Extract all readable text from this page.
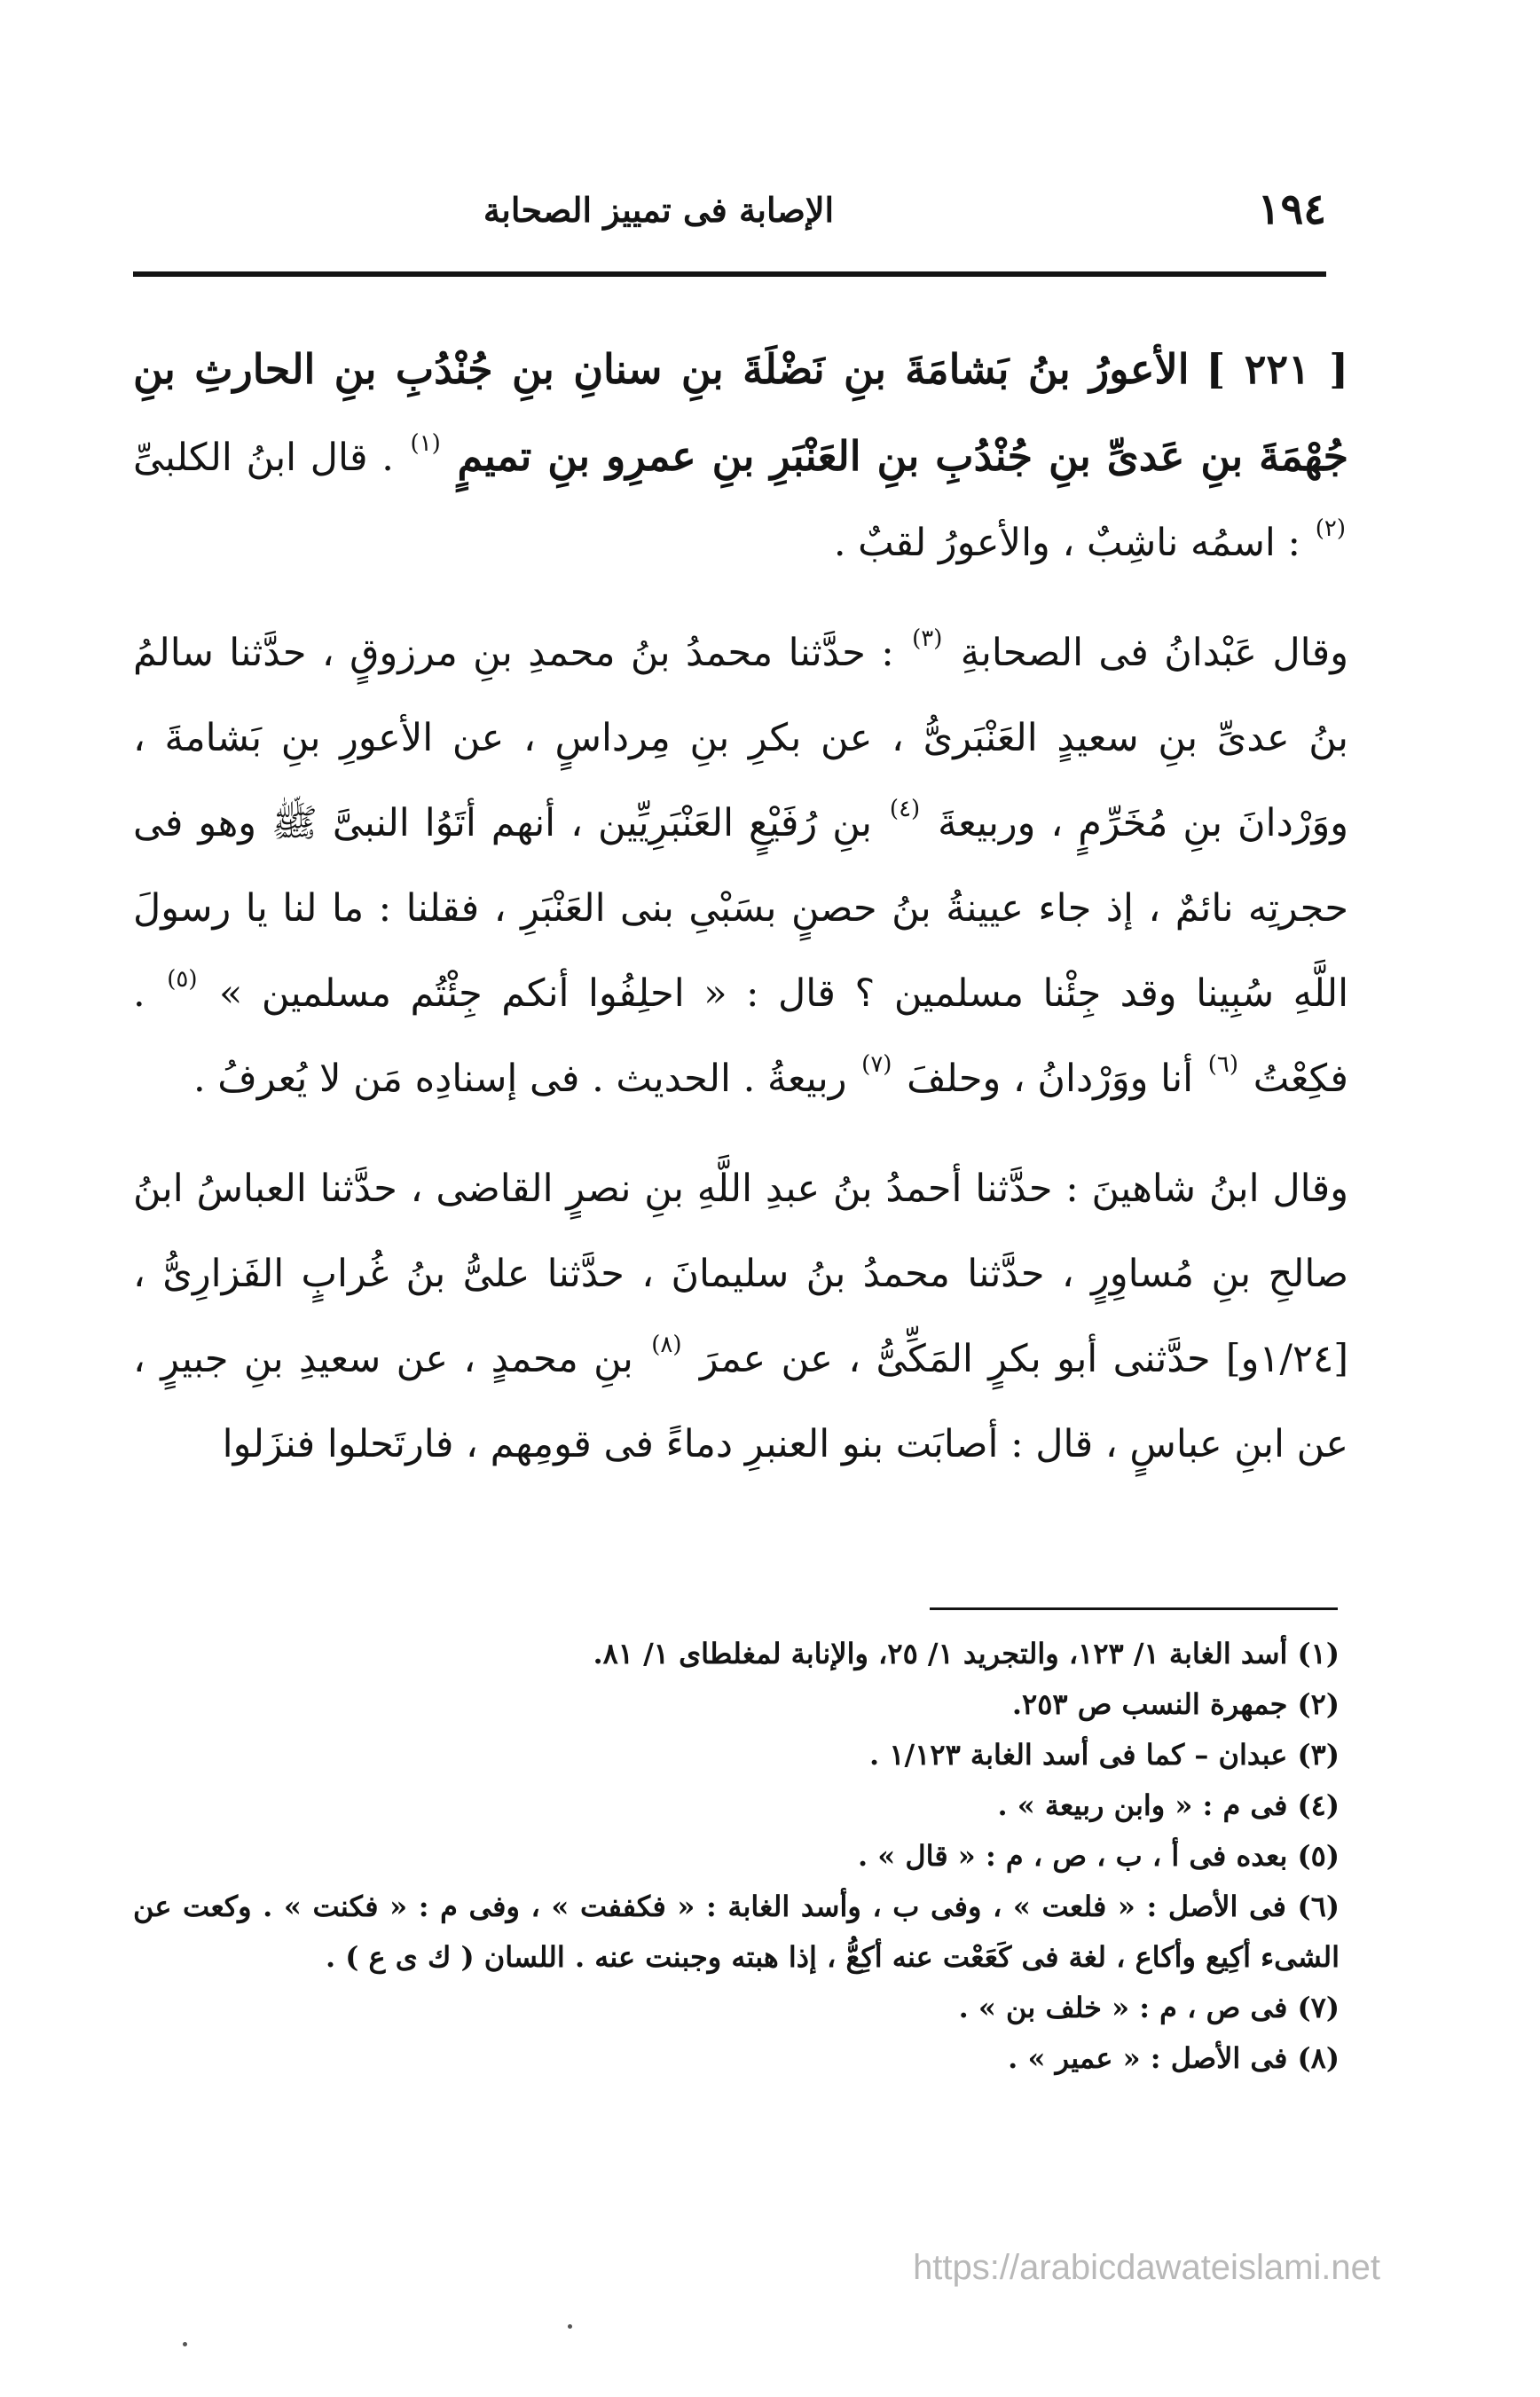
١٩٤
الإصابة فى تمييز الصحابة

[ ٢٢١ ] الأعورُ بنُ بَشامَةَ بنِ نَضْلَةَ بنِ سنانِ بنِ جُنْدُبِ بنِ الحارثِ بنِ جُهْمَةَ بنِ عَدىِّ بنِ جُنْدُبِ بنِ العَنْبَرِ بنِ عمرِو بنِ تميمٍ $^{(١)}$ . قال ابنُ الكلبىِّ $^{(٢)}$ : اسمُه ناشِبٌ ، والأعورُ لقبٌ .

وقال عَبْدانُ فى الصحابةِ $^{(٣)}$ : حدَّثنا محمدُ بنُ محمدِ بنِ مرزوقٍ ، حدَّثنا سالمُ بنُ عدىِّ بنِ سعيدٍ العَنْبَرىُّ ، عن بكرِ بنِ مِرداسٍ ، عن الأعورِ بنِ بَشامةَ ، ووَرْدانَ بنِ مُخَرِّمٍ ، وربيعةَ $^{(٤)}$ بنِ رُفَيْعٍ العَنْبَرِيِّين ، أنهم أتَوُا النبىَّ ﷺ وهو فى حجرتِه نائمٌ ، إذ جاء عيينةُ بنُ حصنٍ بسَبْىِ بنى العَنْبَرِ ، فقلنا : ما لنا يا رسولَ اللَّهِ سُبِينا وقد جِئْنا مسلمين ؟ قال : « احلِفُوا أنكم جِئْتُم مسلمين » $^{(٥)}$ . فكِعْتُ $^{(٦)}$ أنا ووَرْدانُ ، وحلفَ $^{(٧)}$ ربيعةُ . الحديث . فى إسنادِه مَن لا يُعرفُ .

وقال ابنُ شاهينَ : حدَّثنا أحمدُ بنُ عبدِ اللَّهِ بنِ نصرٍ القاضى ، حدَّثنا العباسُ ابنُ صالحِ بنِ مُساوِرٍ ، حدَّثنا محمدُ بنُ سليمانَ ، حدَّثنا علىُّ بنُ غُرابٍ الفَزارِىُّ ، [١/٢٤و] حدَّثنى أبو بكرٍ المَكِّىُّ ، عن عمرَ $^{(٨)}$ بنِ محمدٍ ، عن سعيدِ بنِ جبيرٍ ، عن ابنِ عباسٍ ، قال : أصابَت بنو العنبرِ دماءً فى قومِهم ، فارتَحلوا فنزَلوا

(١) أسد الغابة ١/ ١٢٣، والتجريد ١/ ٢٥، والإنابة لمغلطاى ١/ ٨١.
(٢) جمهرة النسب ص ٢٥٣.
(٣) عبدان – كما فى أسد الغابة ١/١٢٣ .
(٤) فى م : « وابن ربيعة » .
(٥) بعده فى أ ، ب ، ص ، م : « قال » .
(٦) فى الأصل : « فلعت » ، وفى ب ، وأسد الغابة : « فكففت » ، وفى م : « فكنت » . وكعت عن الشىء أكِيع وأكاع ، لغة فى كَعَعْت عنه أكِعُّ ، إذا هبته وجبنت عنه . اللسان ( ك ى ع ) .
(٧) فى ص ، م : « خلف بن » .
(٨) فى الأصل : « عمير » .
https://arabicdawateislami.net
